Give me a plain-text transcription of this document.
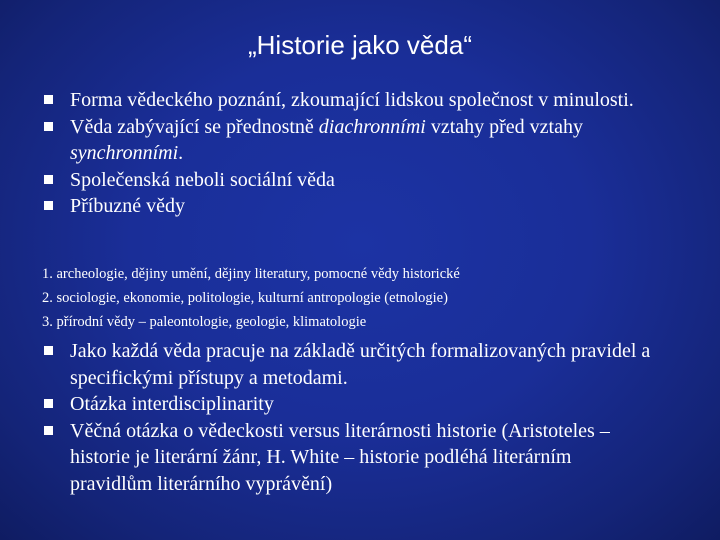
„Historie jako věda“
Forma vědeckého poznání, zkoumající lidskou společnost v minulosti.
Věda zabývající se přednostně diachronními vztahy před vztahy synchronními.
Společenská neboli sociální věda
Příbuzné vědy
1. archeologie, dějiny umění, dějiny literatury, pomocné vědy historické
2. sociologie, ekonomie, politologie, kulturní antropologie (etnologie)
3. přírodní vědy – paleontologie, geologie, klimatologie
Jako každá věda pracuje na základě určitých formalizovaných pravidel a specifickými přístupy a metodami.
Otázka interdisciplinarity
Věčná otázka o vědeckosti versus literárnosti historie (Aristoteles – historie je literární žánr, H. White – historie podléhá literárním pravidlům literárního vyprávění)
